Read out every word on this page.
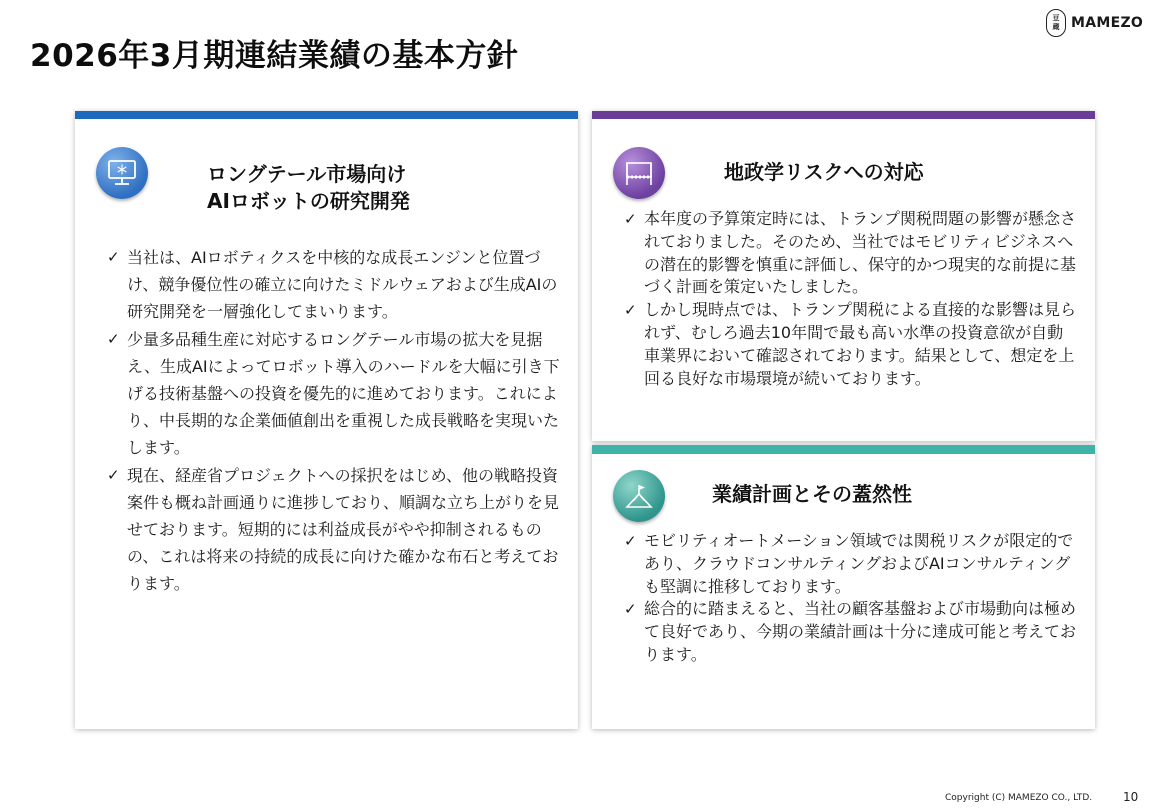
2026年3月期連結業績の基本方針
豆
蔵 MAMEZO
ロングテール市場向け
AIロボットの研究開発
✓ 当社は、AIロボティクスを中核的な成長エンジンと位置づけ、競争優位性の確立に向けたミドルウェアおよび生成AIの研究開発を一層強化してまいります。
✓ 少量多品種生産に対応するロングテール市場の拡大を見据え、生成AIによってロボット導入のハードルを大幅に引き下げる技術基盤への投資を優先的に進めております。これにより、中長期的な企業価値創出を重視した成長戦略を実現いたします。
✓ 現在、経産省プロジェクトへの採択をはじめ、他の戦略投資案件も概ね計画通りに進捗しており、順調な立ち上がりを見せております。短期的には利益成長がやや抑制されるものの、これは将来の持続的成長に向けた確かな布石と考えております。
地政学リスクへの対応
✓ 本年度の予算策定時には、トランプ関税問題の影響が懸念されておりました。そのため、当社ではモビリティビジネスへの潜在的影響を慎重に評価し、保守的かつ現実的な前提に基づく計画を策定いたしました。
✓ しかし現時点では、トランプ関税による直接的な影響は見られず、むしろ過去10年間で最も高い水準の投資意欲が自動車業界において確認されております。結果として、想定を上回る良好な市場環境が続いております。
業績計画とその蓋然性
✓ モビリティオートメーション領域では関税リスクが限定的であり、クラウドコンサルティングおよびAIコンサルティングも堅調に推移しております。
✓ 総合的に踏まえると、当社の顧客基盤および市場動向は極めて良好であり、今期の業績計画は十分に達成可能と考えております。
Copyright (C) MAMEZO CO., LTD.	10
